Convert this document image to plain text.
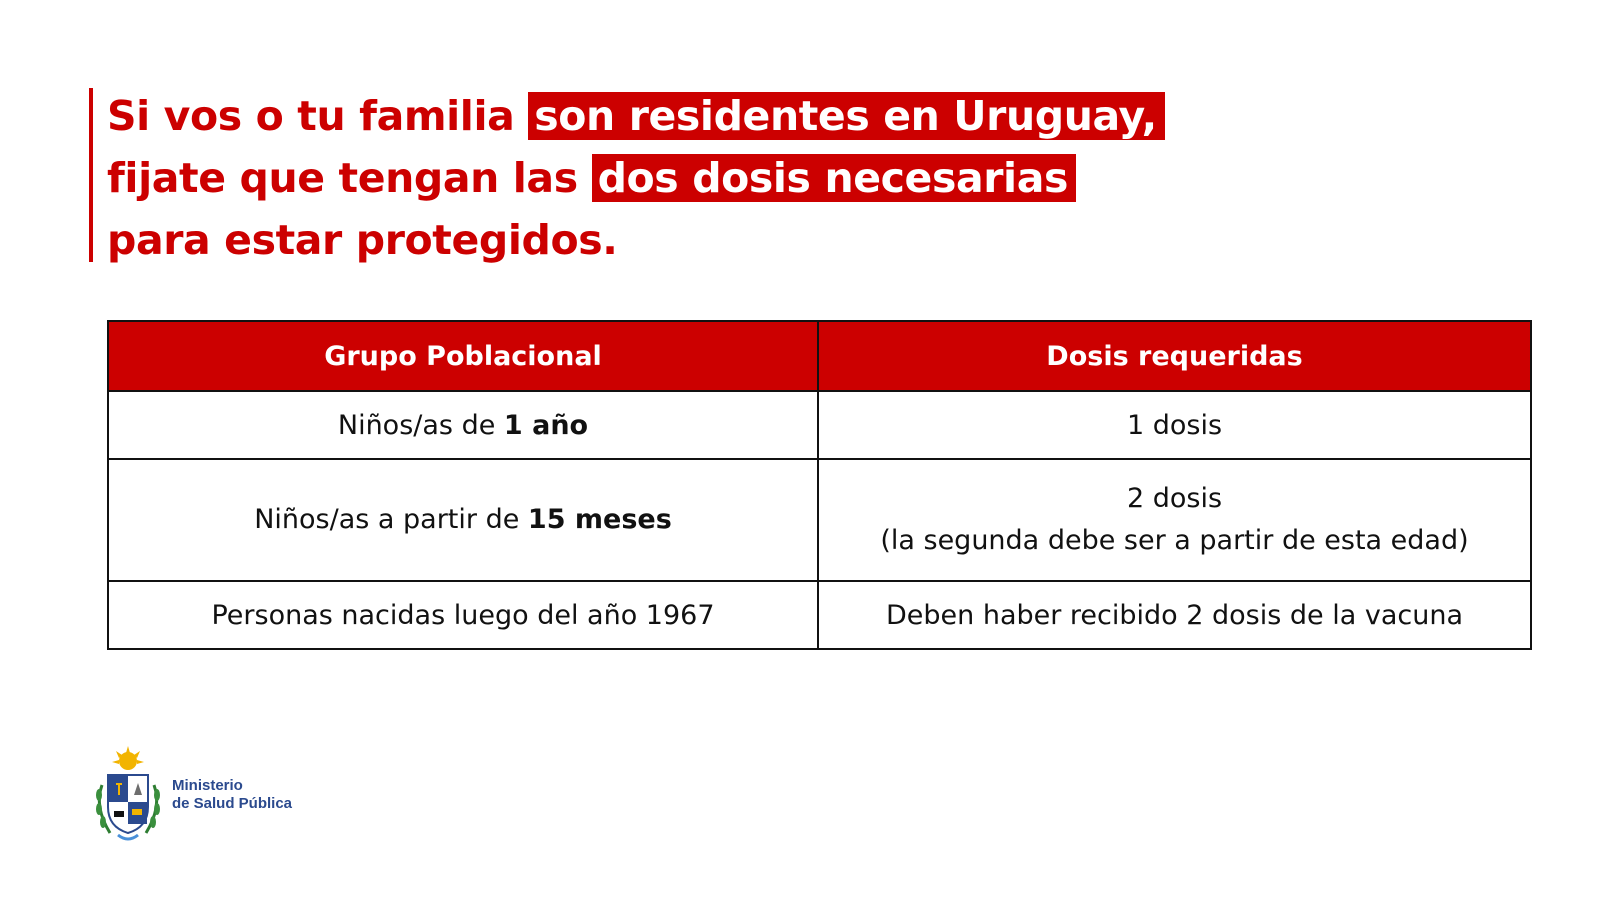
Si vos o tu familia son residentes en Uruguay,
fijate que tengan las dos dosis necesarias
para estar protegidos.
Grupo Poblacional	Dosis requeridas
Niños/as de 1 año	1 dosis
Niños/as a partir de 15 meses	2 dosis
(la segunda debe ser a partir de esta edad)

Personas nacidas luego del año 1967	Deben haber recibido 2 dosis de la vacuna
Ministerio
de Salud Pública
